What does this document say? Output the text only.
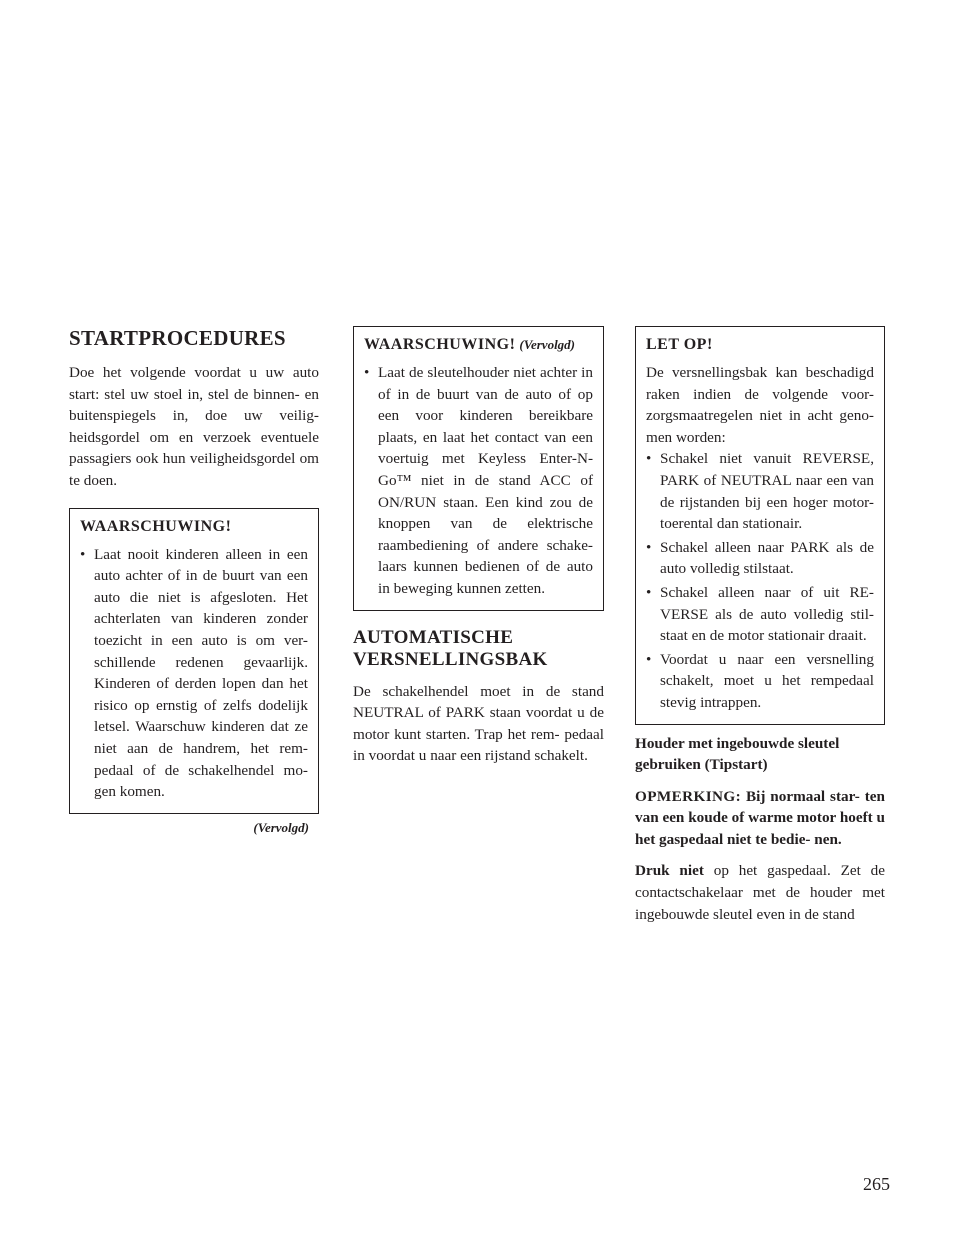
STARTPROCEDURES

Doe het volgende voordat u uw auto start: stel uw stoel in, stel de binnen- en buitenspiegels in, doe uw veilig- heidsgordel om en verzoek eventuele passagiers ook hun veiligheidsgordel om te doen.

WAARSCHUWING!
• Laat nooit kinderen alleen in een auto achter of in de buurt van een auto die niet is afgesloten. Het achterlaten van kinderen zonder toezicht in een auto is om ver- schillende redenen gevaarlijk. Kinderen of derden lopen dan het risico op ernstig of zelfs dodelijk letsel. Waarschuw kinderen dat ze niet aan de handrem, het rem- pedaal of de schakelhendel mo- gen komen.
(Vervolgd)
WAARSCHUWING! (Vervolgd)
• Laat de sleutelhouder niet achter in of in de buurt van de auto of op een voor kinderen bereikbare plaats, en laat het contact van een voertuig met Keyless Enter-N- Go™ niet in de stand ACC of ON/RUN staan. Een kind zou de knoppen van de elektrische raambediening of andere schake- laars kunnen bedienen of de auto in beweging kunnen zetten.
AUTOMATISCHE VERSNELLINGSBAK

De schakelhendel moet in de stand NEUTRAL of PARK staan voordat u de motor kunt starten. Trap het rem- pedaal in voordat u naar een rijstand schakelt.

LET OP!

De versnellingsbak kan beschadigd raken indien de volgende voor- zorgsmaatregelen niet in acht geno- men worden:

• Schakel niet vanuit REVERSE, PARK of NEUTRAL naar een van de rijstanden bij een hoger motor- toerental dan stationair.
• Schakel alleen naar PARK als de auto volledig stilstaat.
• Schakel alleen naar of uit RE- VERSE als de auto volledig stil- staat en de motor stationair draait.
• Voordat u naar een versnelling schakelt, moet u het rempedaal stevig intrappen.
Houder met ingebouwde sleutel gebruiken (Tipstart)

OPMERKING: Bij normaal star- ten van een koude of warme motor hoeft u het gaspedaal niet te bedie- nen.

Druk niet op het gaspedaal. Zet de contactschakelaar met de houder met ingebouwde sleutel even in de stand

265
